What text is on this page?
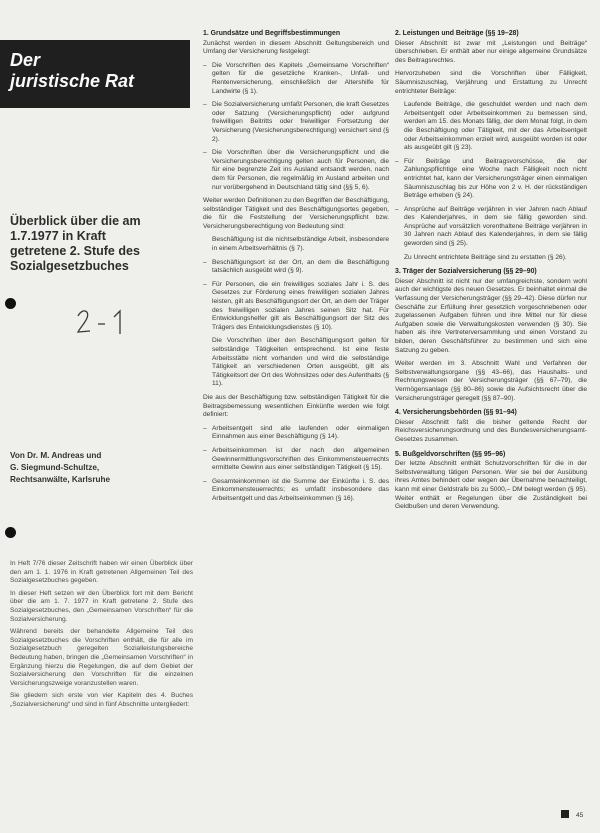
Der
juristische Rat
Überblick über die am
1.7.1977 in Kraft
getretene 2. Stufe des
Sozialgesetzbuches
Von Dr. M. Andreas und
G. Siegmund-Schultze,
Rechtsanwälte, Karlsruhe

In Heft 7/76 dieser Zeitschrift haben wir einen Überblick über den am 1. 1. 1976 in Kraft getretenen Allgemeinen Teil des Sozialgesetzbuches gegeben.

In dieser Heft setzen wir den Überblick fort mit dem Bericht über die am 1. 7. 1977 in Kraft getretene 2. Stufe des Sozialgesetzbuches, den „Gemeinsamen Vorschriften“ für die Sozialversicherung.

Während bereits der behandelte Allgemeine Teil des Sozialgesetzbuches die Vorschriften enthält, die für alle im Sozialgesetzbuch geregelten Sozialleistungsbereiche Bedeutung haben, bringen die „Gemeinsamen Vorschriften“ in Ergänzung hierzu die Regelungen, die auf dem Gebiet der Sozialversicherung den Vorschriften für die einzelnen Versicherungszweige voranzustellen waren.

Sie gliedern sich erste von vier Kapiteln des 4. Buches „Sozialversicherung“ und sind in fünf Abschnitte untergliedert:

1. Grundsätze und Begriffsbestimmungen

Zunächst werden in diesem Abschnitt Geltungsbereich und Umfang der Versicherung festgelegt:

– Die Vorschriften des Kapitels „Gemeinsame Vorschriften“ gelten für die gesetzliche Kranken-, Unfall- und Rentenversicherung, einschließlich der Altershilfe für Landwirte (§ 1).
– Die Sozialversicherung umfaßt Personen, die kraft Gesetzes oder Satzung (Versicherungspflicht) oder aufgrund freiwilligen Beitritts oder freiwilliger Fortsetzung der Versicherung (Versicherungsberechtigung) versichert sind (§ 2).
– Die Vorschriften über die Versicherungspflicht und die Versicherungsberechtigung gelten auch für Personen, die für eine begrenzte Zeit ins Ausland entsandt werden, nach dem für Personen, die regelmäßig im Ausland arbeiten und nur vorübergehend in Deutschland tätig sind (§§ 5, 6).

Weiter werden Definitionen zu den Begriffen der Beschäftigung, selbständiger Tätigkeit und des Beschäftigungsortes gegeben, die für die Feststellung der Versicherungspflicht bzw. Versicherungsberechtigung von Bedeutung sind:

Beschäftigung ist die nichtselbständige Arbeit, insbesondere in einem Arbeitsverhältnis (§ 7).

– Beschäftigungsort ist der Ort, an dem die Beschäftigung tatsächlich ausgeübt wird (§ 9).
– Für Personen, die ein freiwilliges soziales Jahr i. S. des Gesetzes zur Förderung eines freiwilligen sozialen Jahres leisten, gilt als Beschäftigungsort der Ort, an dem der Träger des freiwilligen sozialen Jahres seinen Sitz hat. Für Entwicklungshelfer gilt als Beschäftigungsort der Sitz des Trägers des Entwicklungsdienstes (§ 10).

Die Vorschriften über den Beschäftigungsort gelten für selbständige Tätigkeiten entsprechend. Ist eine feste Arbeitsstätte nicht vorhanden und wird die selbständige Tätigkeit an verschiedenen Orten ausgeübt, gilt als Tätigkeitsort der Ort des Wohnsitzes oder des Aufenthalts (§ 11).

Die aus der Beschäftigung bzw. selbständigen Tätigkeit für die Beitragsbemessung wesentlichen Einkünfte werden wie folgt definiert:

– Arbeitsentgelt sind alle laufenden oder einmaligen Einnahmen aus einer Beschäftigung (§ 14).
– Arbeitseinkommen ist der nach den allgemeinen Gewinnermittlungsvorschriften des Einkommensteuerrechts ermittelte Gewinn aus einer selbständigen Tätigkeit (§ 15).
– Gesamteinkommen ist die Summe der Einkünfte i. S. des Einkommensteuerrechts; es umfaßt insbesondere das Arbeitsentgelt und das Arbeitseinkommen (§ 16).
2. Leistungen und Beiträge (§§ 19–28)

Dieser Abschnitt ist zwar mit „Leistungen und Beiträge“ überschrieben. Er enthält aber nur einige allgemeine Grundsätze des Beitragsrechtes.

Hervorzuheben sind die Vorschriften über Fälligkeit, Säumniszuschlag, Verjährung und Erstattung zu Unrecht entrichteter Beiträge:

Laufende Beiträge, die geschuldet werden und nach dem Arbeitsentgelt oder Arbeitseinkommen zu bemessen sind, werden am 15. des Monats fällig, der dem Monat folgt, in dem die Beschäftigung oder Tätigkeit, mit der das Arbeitsentgelt oder Arbeitseinkommen erzielt wird, ausgeübt worden ist oder als ausgeübt gilt (§ 23).

– Für Beiträge und Beitragsvorschüsse, die der Zahlungspflichtige eine Woche nach Fälligkeit noch nicht entrichtet hat, kann der Versicherungsträger einen einmaligen Säumniszuschlag bis zur Höhe von 2 v. H. der rückständigen Beträge erheben (§ 24).
– Ansprüche auf Beiträge verjähren in vier Jahren nach Ablauf des Kalenderjahres, in dem sie fällig geworden sind. Ansprüche auf vorsätzlich vorenthaltene Beiträge verjähren in 30 Jahren nach Ablauf des Kalenderjahres, in dem sie fällig geworden sind (§ 25).

Zu Unrecht entrichtete Beiträge sind zu erstatten (§ 26).

3. Träger der Sozialversicherung (§§ 29–90)

Dieser Abschnitt ist nicht nur der umfangreichste, sondern wohl auch der wichtigste des neuen Gesetzes. Er beinhaltet einmal die Verfassung der Versicherungsträger (§§ 29–42). Diese dürfen nur Geschäfte zur Erfüllung ihrer gesetzlich vorgeschriebenen oder zugelassenen Aufgaben führen und ihre Mittel nur für diese Aufgaben sowie die Verwaltungskosten verwenden (§ 30). Sie haben als ihre Vertreterversammlung und einen Vorstand zu bilden, deren Geschäftsführer zu bestimmen und sich eine Satzung zu geben.

Weiter werden im 3. Abschnitt Wahl und Verfahren der Selbstverwaltungsorgane (§§ 43–66), das Haushalts- und Rechnungswesen der Versicherungsträger (§§ 67–79), die Vermögensanlage (§§ 80–86) sowie die Aufsichtsrecht über die Versicherungsträger geregelt (§§ 87–90).

4. Versicherungsbehörden (§§ 91–94)

Dieser Abschnitt faßt die bisher geltende Recht der Reichsversicherungsordnung und des Bundesversicherungsamt-Gesetzes zusammen.

5. Bußgeldvorschriften (§§ 95–96)

Der letzte Abschnitt enthält Schutzvorschriften für die in der Selbstverwaltung tätigen Personen. Wer sie bei der Ausübung ihres Amtes behindert oder wegen der Übernahme benachteiligt, kann mit einer Geldstrafe bis zu 5000,– DM belegt werden (§ 95). Weiter enthält er Regelungen über die Zuständigkeit bei Geldbußen und deren Verwendung.

45
